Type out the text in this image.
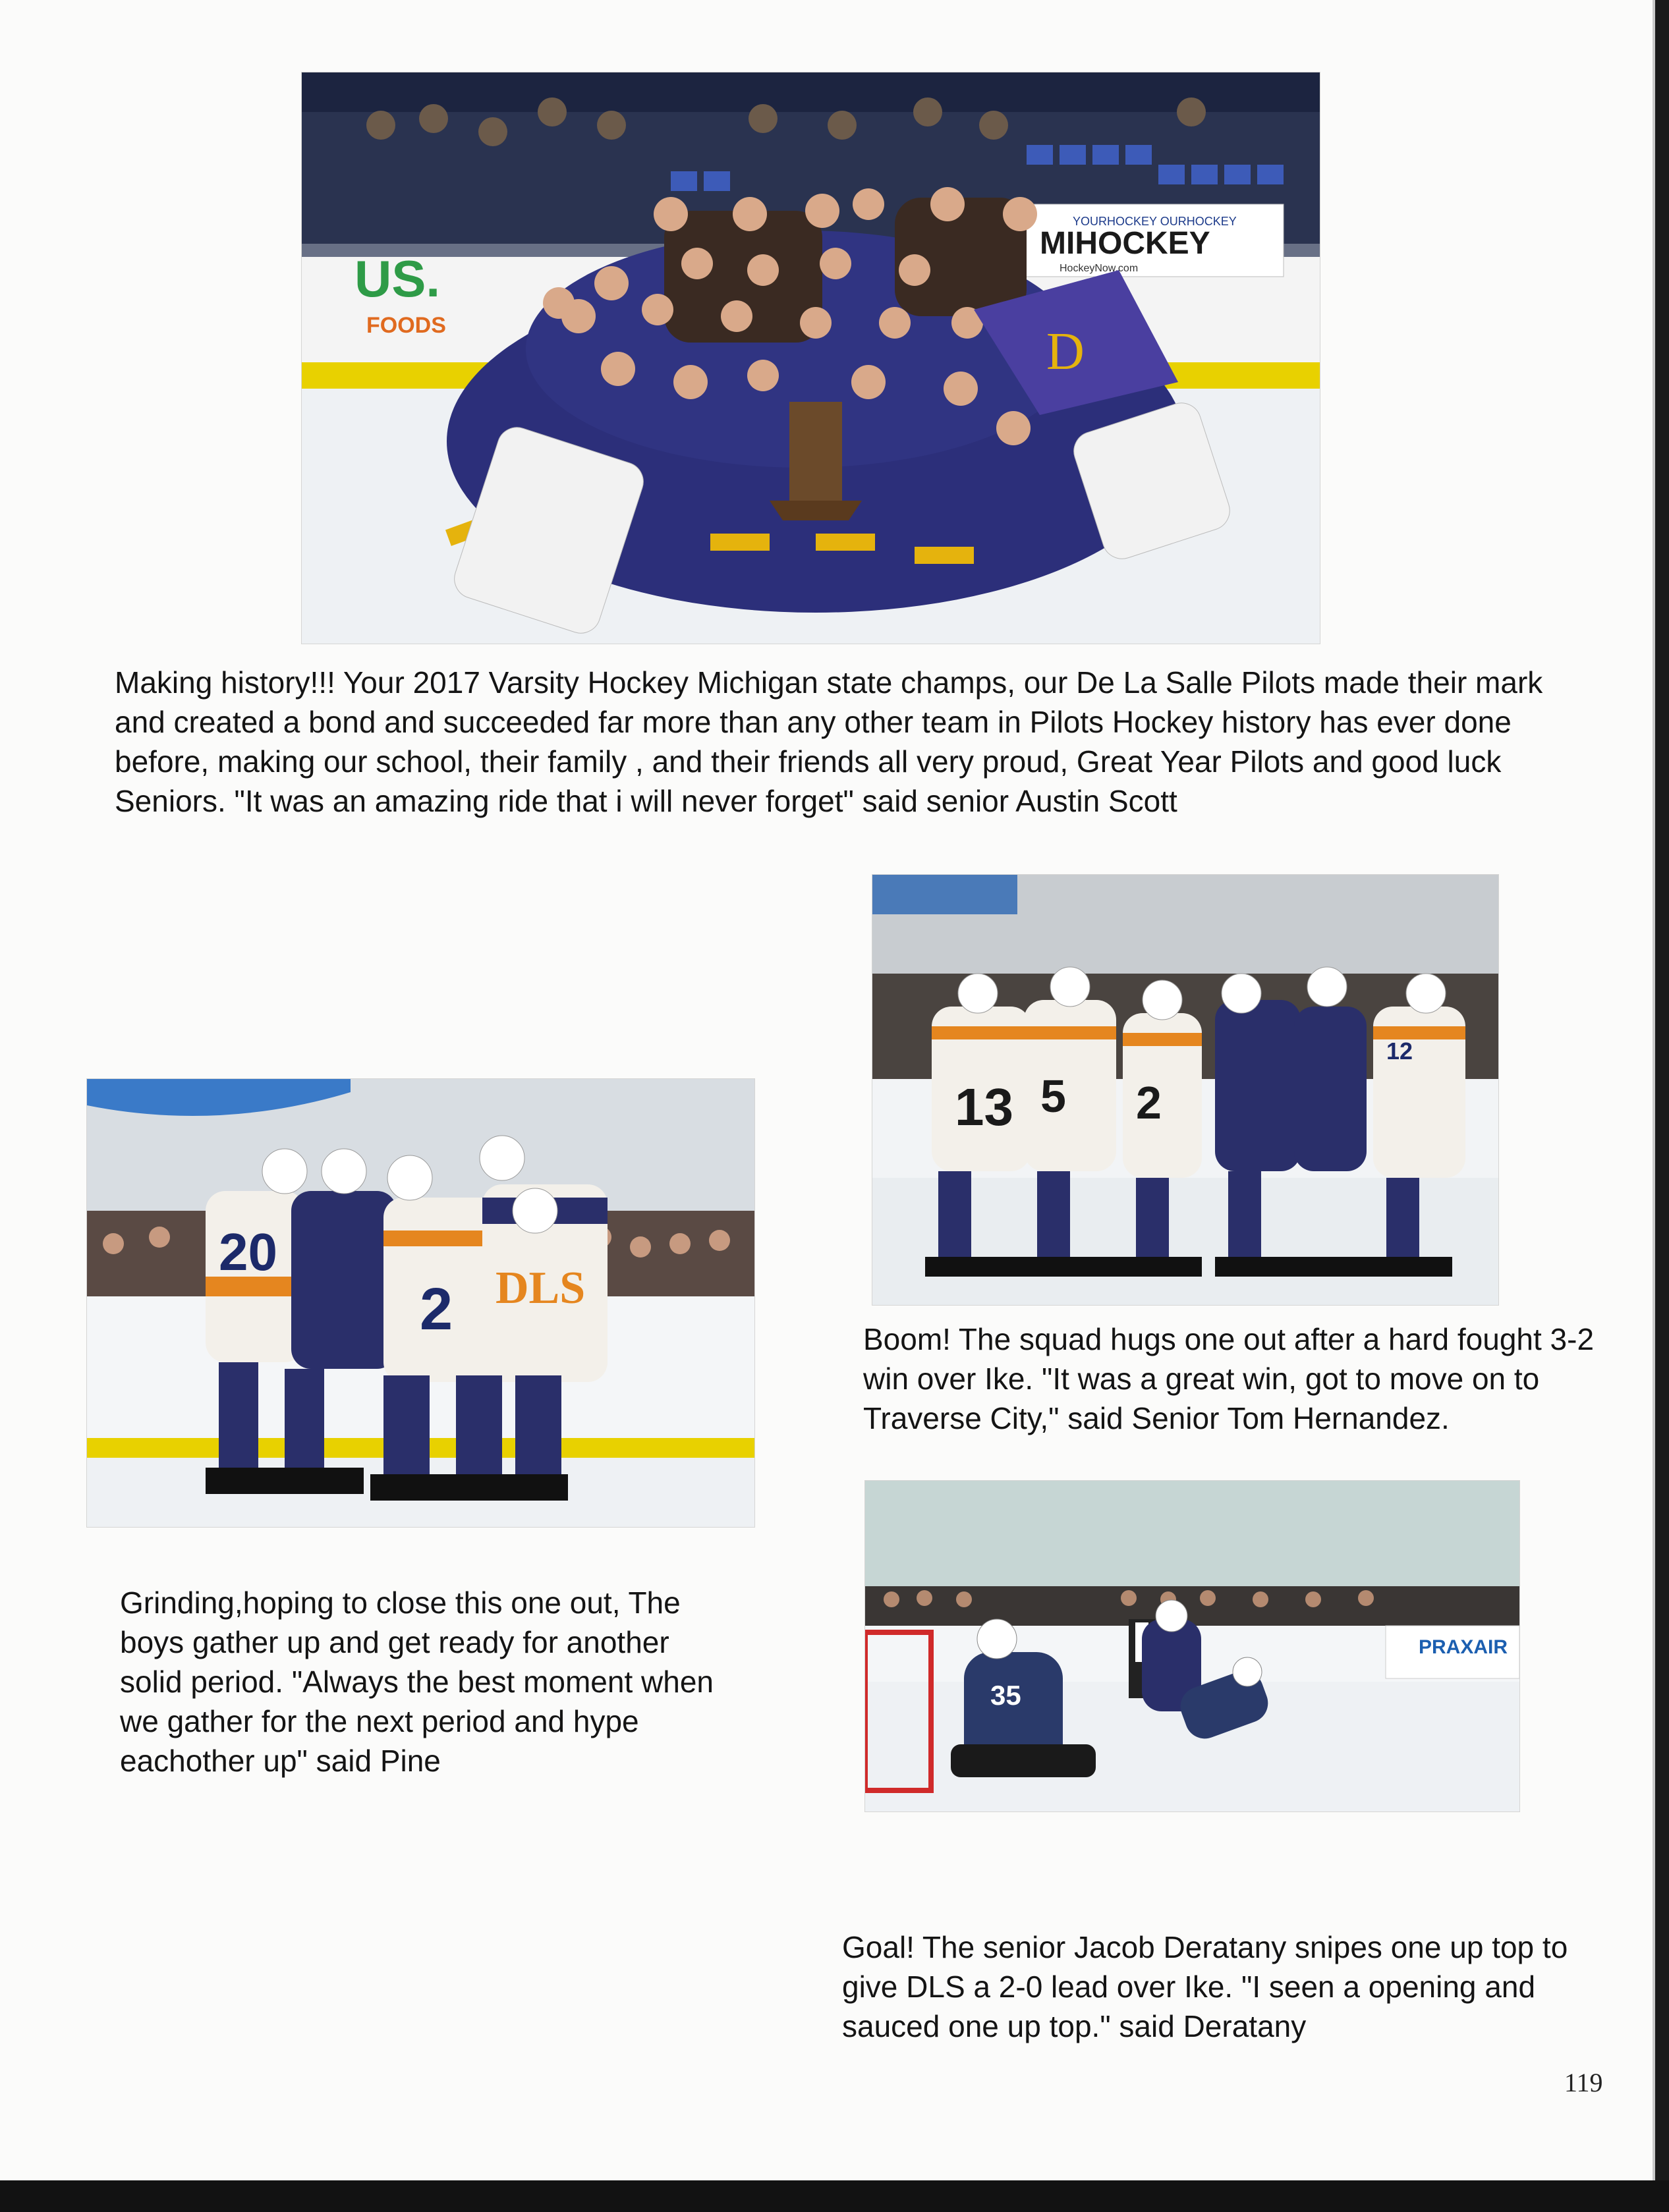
US.
FOODS
YOURHOCKEY OURHOCKEY
MIHOCKEY
HockeyNow.com
D

Making history!!! Your 2017 Varsity Hockey Michigan state champs, our De La Salle Pilots made their mark and created a bond and succeeded far more than any other team in Pilots Hockey history has ever done before, making our school, their family , and their friends all very proud, Great Year Pilots and good luck Seniors. "It was an amazing ride that i will never forget" said senior Austin Scott

2 DLS
20

Grinding,hoping to close this one out, The boys gather up and get ready for another solid period. "Always the best moment when we gather for the next period and hype eachother up" said Pine

13 5 2
12

Boom! The squad hugs one out after a hard fought 3-2 win over Ike. "It was a great win, got to move on to Traverse City," said Senior Tom Hernandez.

PRAXAIR
35

Goal! The senior Jacob Deratany snipes one up top to give DLS a 2-0 lead over Ike. "I seen a opening and sauced one up top." said Deratany

119
